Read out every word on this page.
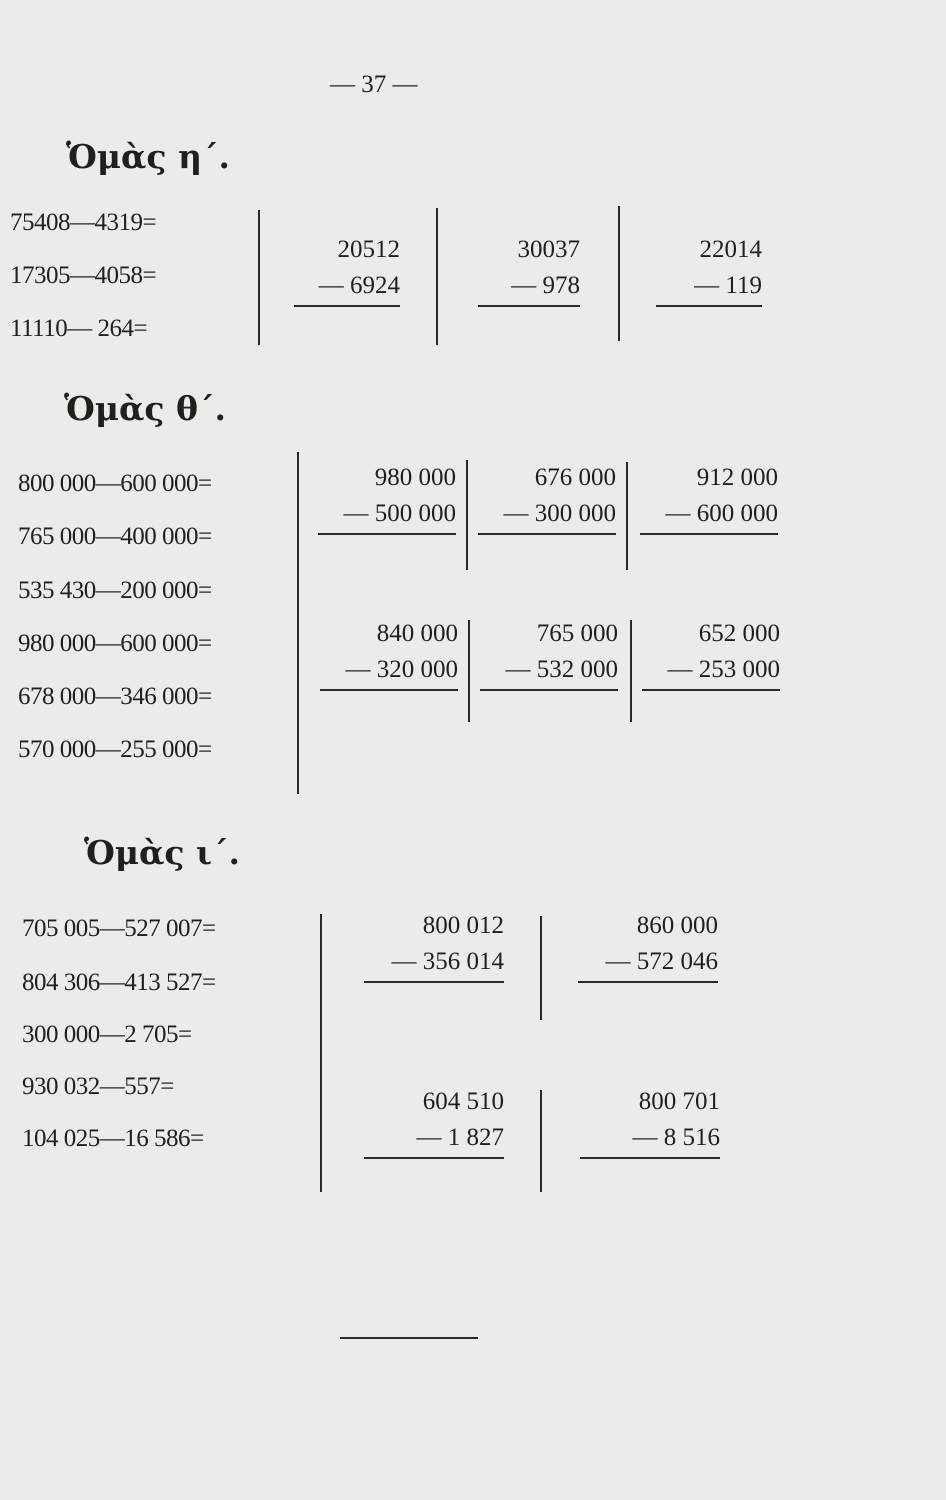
— 37 —
Ὁμὰς η΄.
75408—4319=
17305—4058=
11110— 264=
20512
— 6924
30037
— 978
22014
— 119
Ὁμὰς θ΄.
800 000—600 000=
765 000—400 000=
535 430—200 000=
980 000—600 000=
678 000—346 000=
570 000—255 000=
980 000
— 500 000
676 000
— 300 000
912 000
— 600 000
840 000
— 320 000
765 000
— 532 000
652 000
— 253 000
Ὁμὰς ι΄.
705 005—527 007=
804 306—413 527=
300 000—2 705=
930 032—557=
104 025—16 586=
800 012
— 356 014
860 000
— 572 046
604 510
— 1 827
800 701
— 8 516
